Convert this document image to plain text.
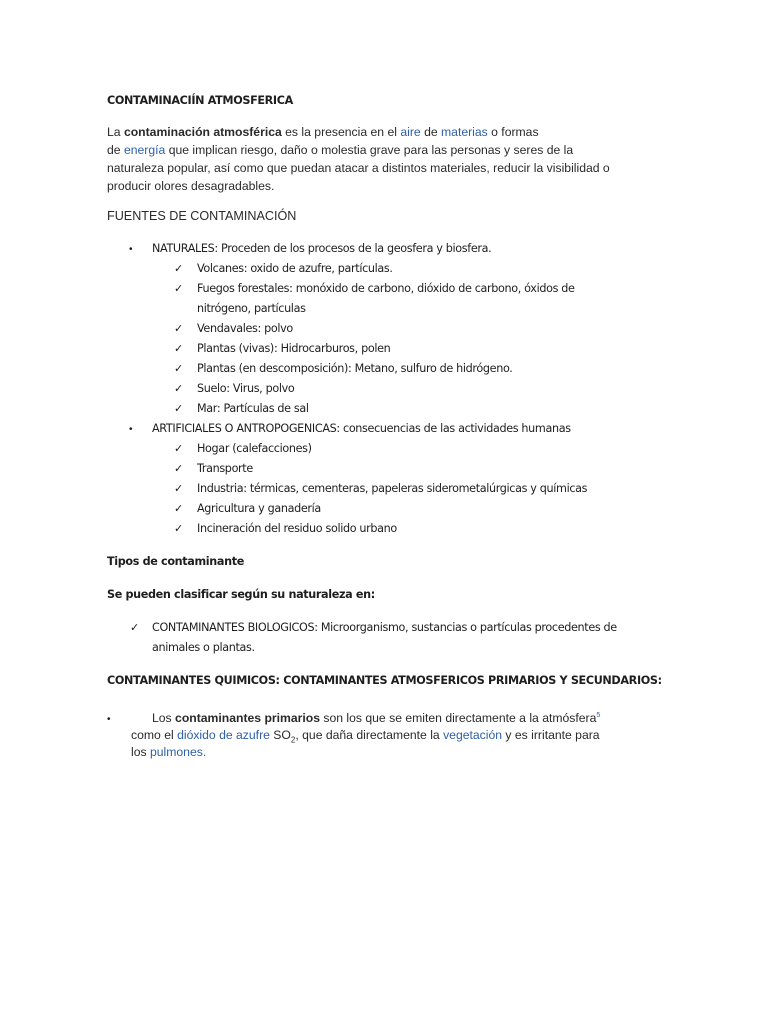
CONTAMINACIÍN ATMOSFERICA
La contaminación atmosférica es la presencia en el aire de materias o formas
de energía que implican riesgo, daño o molestia grave para las personas y seres de la
naturaleza popular, así como que puedan atacar a distintos materiales, reducir la visibilidad o
producir olores desagradables.
FUENTES DE CONTAMINACIÓN
• NATURALES: Proceden de los procesos de la geosfera y biosfera.
✓ Volcanes: oxido de azufre, partículas.
✓ Fuegos forestales: monóxido de carbono, dióxido de carbono, óxidos de
nitrógeno, partículas
✓ Vendavales: polvo
✓ Plantas (vivas): Hidrocarburos, polen
✓ Plantas (en descomposición): Metano, sulfuro de hidrógeno.
✓ Suelo: Virus, polvo
✓ Mar: Partículas de sal
• ARTIFICIALES O ANTROPOGENICAS: consecuencias de las actividades humanas
✓ Hogar (calefacciones)
✓ Transporte
✓ Industria: térmicas, cementeras, papeleras siderometalúrgicas y químicas
✓ Agricultura y ganadería
✓ Incineración del residuo solido urbano
Tipos de contaminante
Se pueden clasificar según su naturaleza en:
✓ CONTAMINANTES BIOLOGICOS: Microorganismo, sustancias o partículas procedentes de
animales o plantas.
CONTAMINANTES QUIMICOS: CONTAMINANTES ATMOSFERICOS PRIMARIOS Y SECUNDARIOS:
•	Los contaminantes primarios son los que se emiten directamente a la atmósfera$^5$
como el dióxido de azufre $SO_2$, que daña directamente la vegetación y es irritante para
los pulmones.
